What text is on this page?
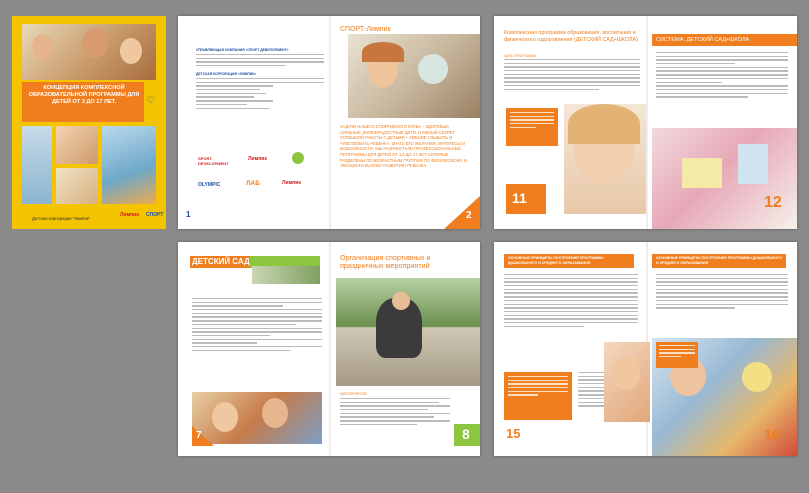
КОНЦЕПЦИЯ КОМПЛЕКСНОЙ ОБРАЗОВАТЕЛЬНОЙ ПРОГРАММЫ ДЛЯ ДЕТЕЙ ОТ 3 ДО 17 ЛЕТ.	♡
Детская корпорация "Лимпик"
Лимпик СПОРТ
УПРАВЛЯЮЩАЯ КОМПАНИЯ «СПОРТ ДЕВЕЛОПМЕНТ»
ДЕТСКАЯ КОРПОРАЦИЯ «ЛИМПИК»
SPORT DEVELOPMENT
Лимпик
OLYMPIC	ЛАБ	Лимпик
1
СПОРТ-Лимпик
ЗАДАЧИ НАШЕГО СПОРТИВНОГО КЛУБА – ЗДОРОВЫЕ, СИЛЬНЫЕ, ЖИЗНЕРАДОСТНЫЕ ДЕТИ. ГЛАВНЫЙ СЕКРЕТ УСПЕШНОЙ РАБОТЫ С ДЕТЬМИ – УМЕНИЕ СЛЫШАТЬ И ЧУВСТВОВАТЬ РЕБЕНКА. ЗНАТЬ ЕГО ЖЕЛАНИЯ, ИНТЕРЕСЫ И ВОЗМОЖНОСТИ. МЫ РАЗРАБОТАЛИ ПРОФЕССИОНАЛЬНЫЕ ПРОГРАММЫ ДЛЯ ДЕТЕЙ ОТ 1,5 ДО 17 ЛЕТ, КОТОРЫЕ РАЗДЕЛЕНЫ ПО ВОЗРАСТНЫМ ГРУППАМ ПО ФИЗИЧЕСКОМУ И ЭМОЦИОНАЛЬНОМУ РАЗВИТИЮ РЕБЕНКА.
2
Комплексная программа образования, воспитания и физического оздоровления (ДЕТСКИЙ САД+ШКОЛА)
ЦЕЛЬ ПРОГРАММЫ
11
СИСТЕМА: ДЕТСКИЙ САД+ШКОЛА
12
ДЕТСКИЙ САД
7
Организация спортивных и праздничных мероприятий
МЕРОПРИЯТИЯ
8
ОСНОВНЫЕ ПРИНЦИПЫ ПОСТРОЕНИЯ ПРОГРАММЫ ДОШКОЛЬНОГО И СРЕДНЕГО ОБРАЗОВАНИЯ
15
ОСНОВНЫЕ ПРИНЦИПЫ ПОСТРОЕНИЯ ПРОГРАММЫ ДОШКОЛЬНОГО И СРЕДНЕГО ОБРАЗОВАНИЯ
16
